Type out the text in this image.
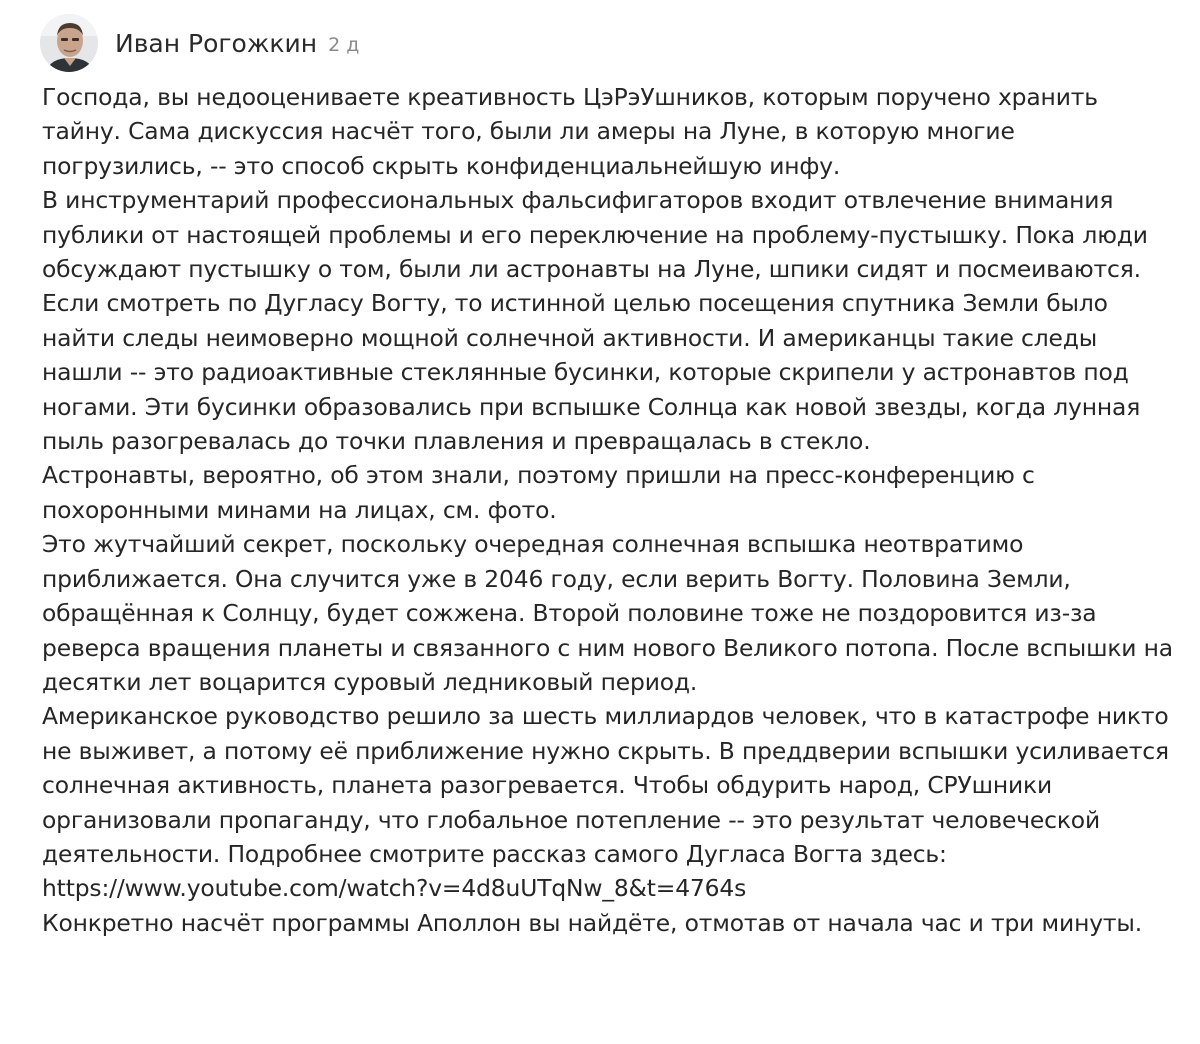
Иван Рогожкин 2 д

Господа, вы недооцениваете креативность ЦэРэУшников, которым поручено хранить тайну. Сама дискуссия насчёт того, были ли амеры на Луне, в которую многие погрузились, -- это способ скрыть конфиденциальнейшую инфу.

В инструментарий профессиональных фальсифигаторов входит отвлечение внимания публики от настоящей проблемы и его переключение на проблему-пустышку. Пока люди обсуждают пустышку о том, были ли астронавты на Луне, шпики сидят и посмеиваются.

Если смотреть по Дугласу Вогту, то истинной целью посещения спутника Земли было найти следы неимоверно мощной солнечной активности. И американцы такие следы нашли -- это радиоактивные стеклянные бусинки, которые скрипели у астронавтов под ногами. Эти бусинки образовались при вспышке Солнца как новой звезды, когда лунная пыль разогревалась до точки плавления и превращалась в стекло.

Астронавты, вероятно, об этом знали, поэтому пришли на пресс-конференцию с похоронными минами на лицах, см. фото.

Это жутчайший секрет, поскольку очередная солнечная вспышка неотвратимо приближается. Она случится уже в 2046 году, если верить Вогту. Половина Земли, обращённая к Солнцу, будет сожжена. Второй половине тоже не поздоровится из-за реверса вращения планеты и связанного с ним нового Великого потопа. После вспышки на десятки лет воцарится суровый ледниковый период.

Американское руководство решило за шесть миллиардов человек, что в катастрофе никто не выживет, а потому её приближение нужно скрыть. В преддверии вспышки усиливается солнечная активность, планета разогревается. Чтобы обдурить народ, СРУшники организовали пропаганду, что глобальное потепление -- это результат человеческой деятельности. Подробнее смотрите рассказ самого Дугласа Вогта здесь: https://www.youtube.com/watch?v=4d8uUTqNw_8&t=4764s

Конкретно насчёт программы Аполлон вы найдёте, отмотав от начала час и три минуты.
